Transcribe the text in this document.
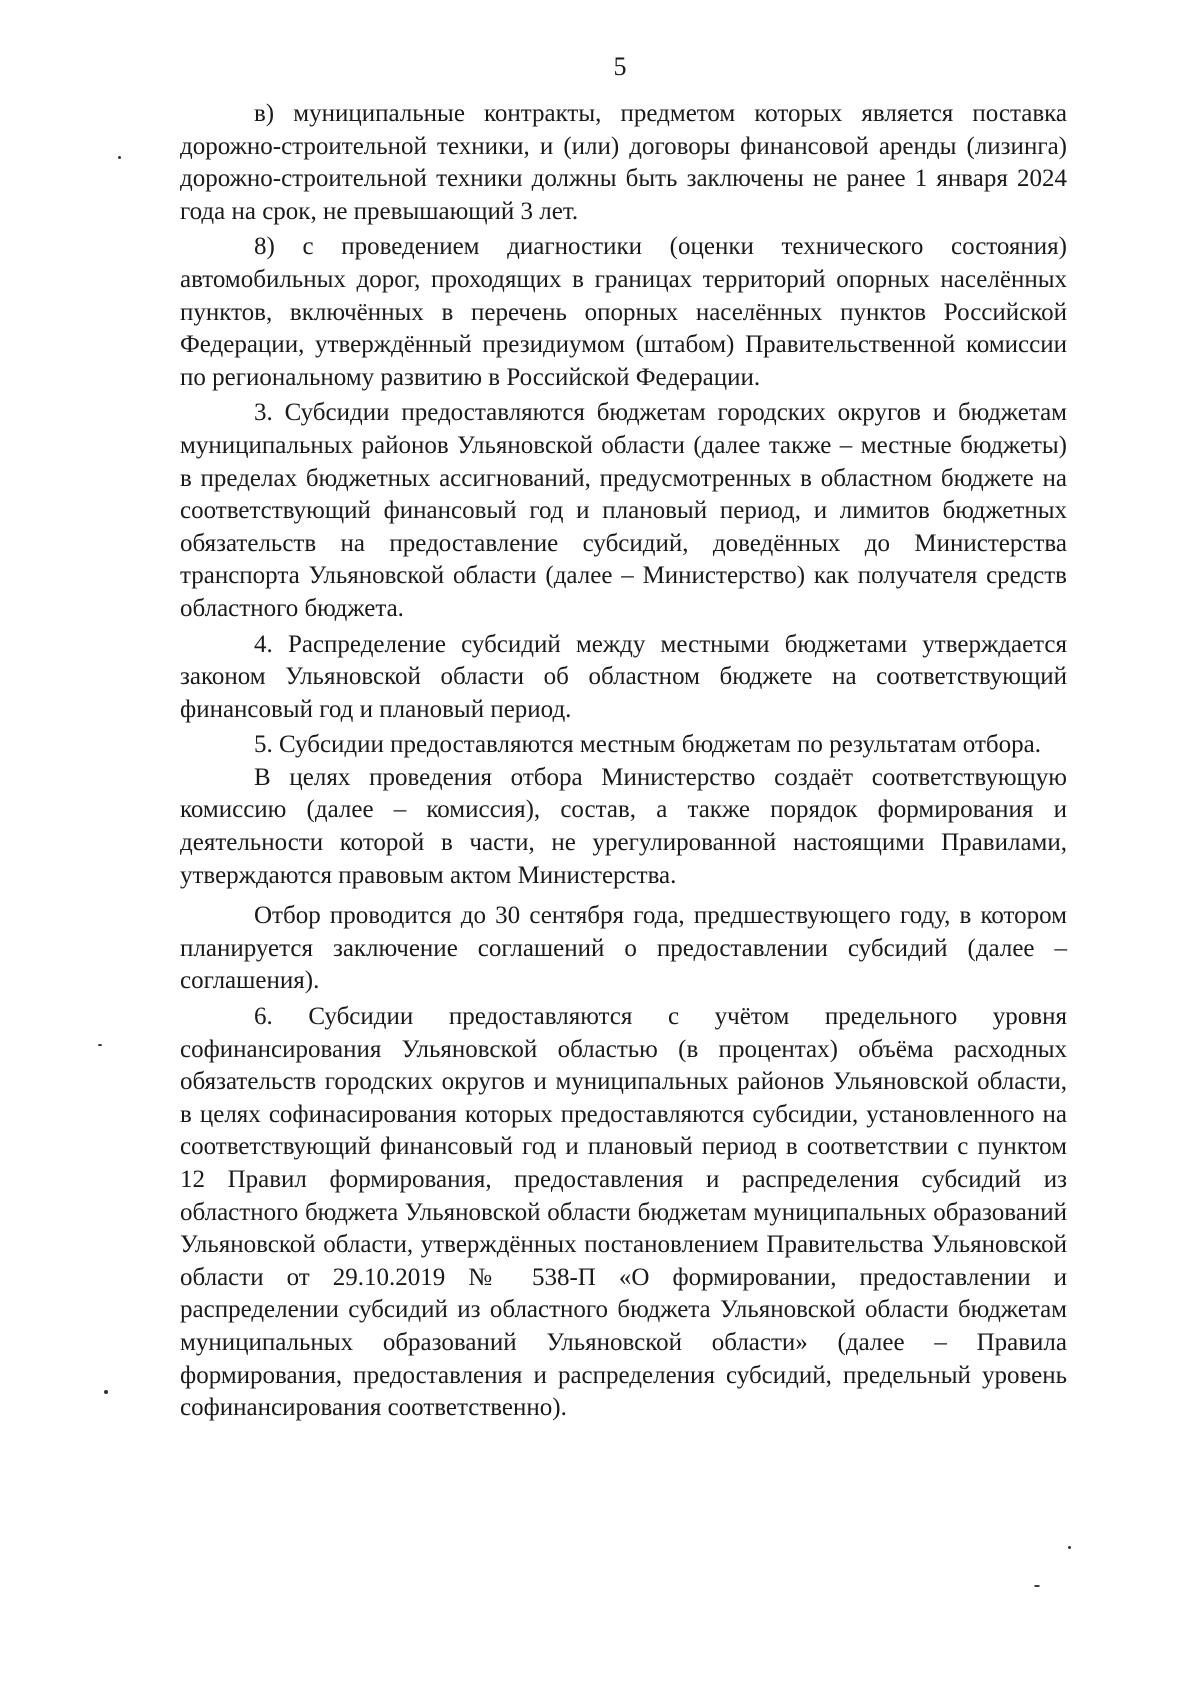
5

в) муниципальные контракты, предметом которых является поставка дорожно-строительной техники, и (или) договоры финансовой аренды (лизинга) дорожно-строительной техники должны быть заключены не ранее 1 января 2024 года на срок, не превышающий 3 лет.

8) с проведением диагностики (оценки технического состояния) автомобильных дорог, проходящих в границах территорий опорных населённых пунктов, включённых в перечень опорных населённых пунктов Российской Федерации, утверждённый президиумом (штабом) Правительственной комиссии по региональному развитию в Российской Федерации.

3. Субсидии предоставляются бюджетам городских округов и бюджетам муниципальных районов Ульяновской области (далее также – местные бюджеты) в пределах бюджетных ассигнований, предусмотренных в областном бюджете на соответствующий финансовый год и плановый период, и лимитов бюджетных обязательств на предоставление субсидий, доведённых до Министерства транспорта Ульяновской области (далее – Министерство) как получателя средств областного бюджета.

4. Распределение субсидий между местными бюджетами утверждается законом Ульяновской области об областном бюджете на соответствующий финансовый год и плановый период.

5. Субсидии предоставляются местным бюджетам по результатам отбора.

В целях проведения отбора Министерство создаёт соответствующую комиссию (далее – комиссия), состав, а также порядок формирования и деятельности которой в части, не урегулированной настоящими Правилами, утверждаются правовым актом Министерства.

Отбор проводится до 30 сентября года, предшествующего году, в котором планируется заключение соглашений о предоставлении субсидий (далее – соглашения).

6. Субсидии предоставляются с учётом предельного уровня софинансирования Ульяновской областью (в процентах) объёма расходных обязательств городских округов и муниципальных районов Ульяновской области, в целях софинасирования которых предоставляются субсидии, установленного на соответствующий финансовый год и плановый период в соответствии с пунктом 12 Правил формирования, предоставления и распределения субсидий из областного бюджета Ульяновской области бюджетам муниципальных образований Ульяновской области, утверждённых постановлением Правительства Ульяновской области от 29.10.2019 № 538-П «О формировании, предоставлении и распределении субсидий из областного бюджета Ульяновской области бюджетам муниципальных образований Ульяновской области» (далее – Правила формирования, предоставления и распределения субсидий, предельный уровень софинансирования соответственно).
